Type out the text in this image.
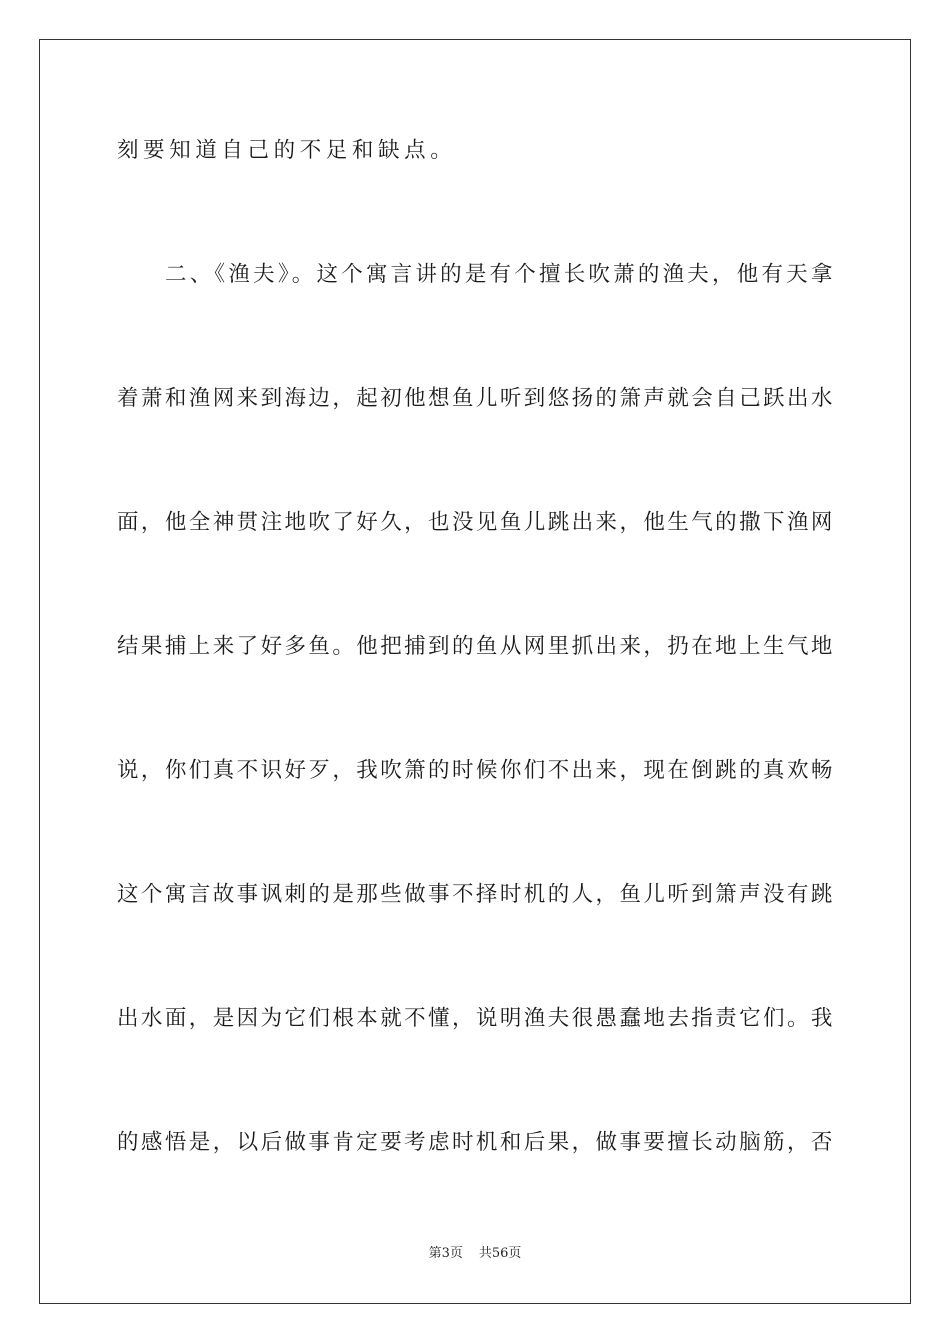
刻要知道自己的不足和缺点。
二、《渔夫》。这个寓言讲的是有个擅长吹萧的渔夫，他有天拿
着萧和渔网来到海边，起初他想鱼儿听到悠扬的箫声就会自己跃出水
面，他全神贯注地吹了好久，也没见鱼儿跳出来，他生气的撒下渔网
结果捕上来了好多鱼。他把捕到的鱼从网里抓出来，扔在地上生气地
说，你们真不识好歹，我吹箫的时候你们不出来，现在倒跳的真欢畅
这个寓言故事讽刺的是那些做事不择时机的人，鱼儿听到箫声没有跳
出水面，是因为它们根本就不懂，说明渔夫很愚蠢地去指责它们。我
的感悟是，以后做事肯定要考虑时机和后果，做事要擅长动脑筋，否
第3页 共56页
